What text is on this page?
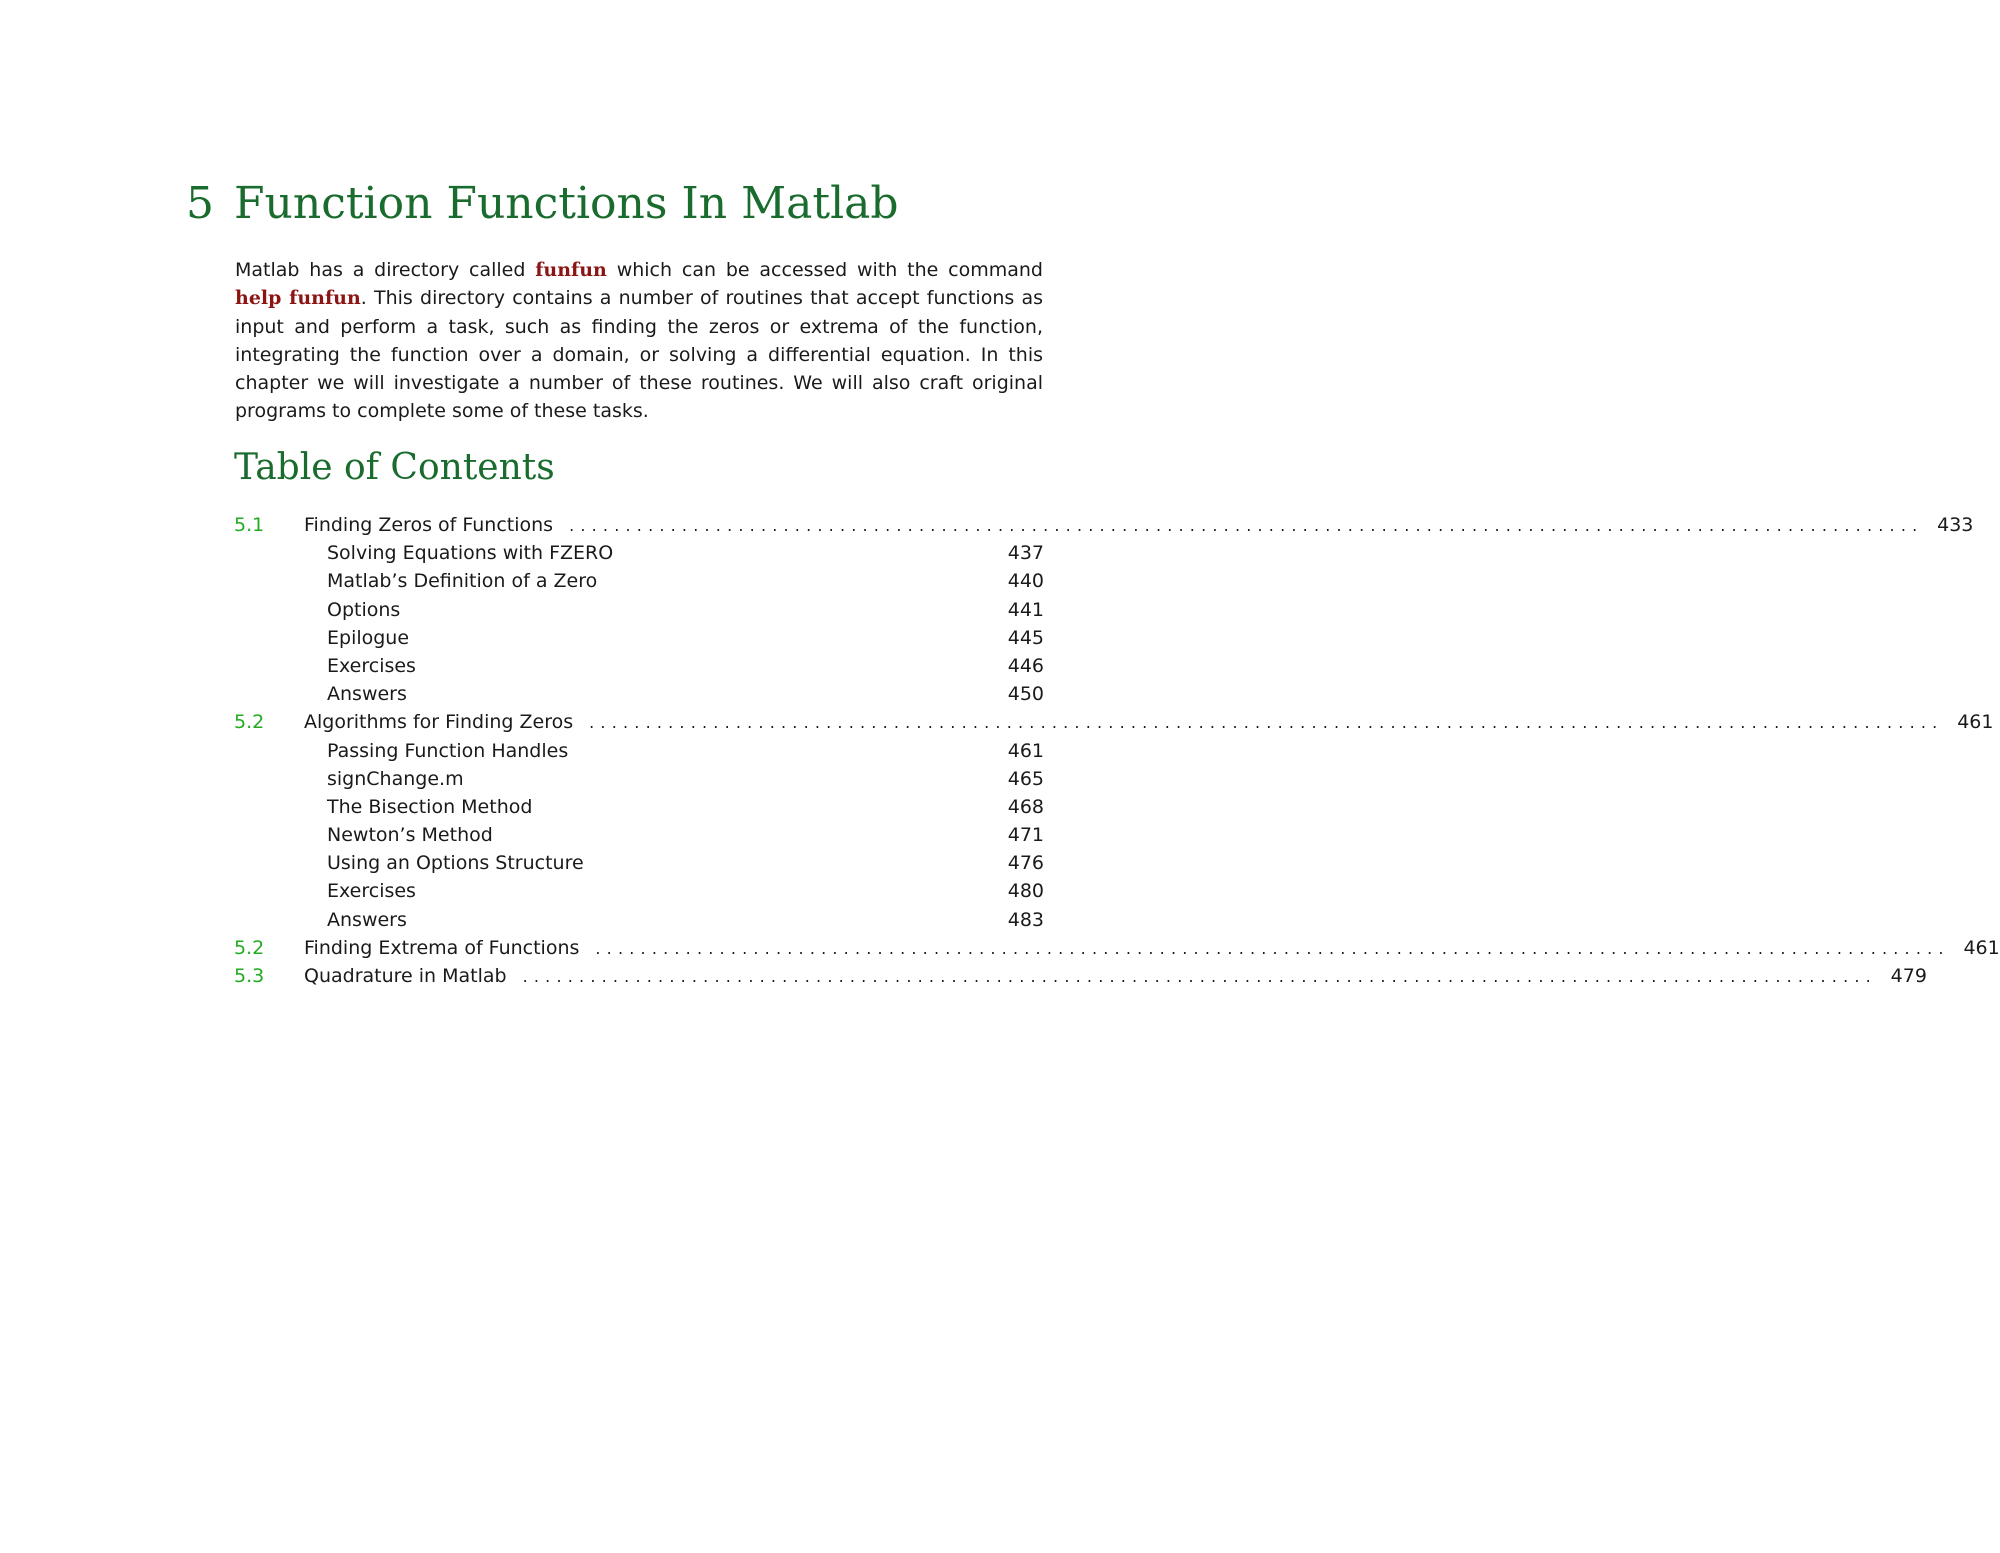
5 Function Functions In Matlab

Matlab has a directory called funfun which can be accessed with the command help funfun. This directory contains a number of routines that accept functions as input and perform a task, such as finding the zeros or extrema of the function, integrating the function over a domain, or solving a differential equation. In this chapter we will investigate a number of these routines. We will also craft original programs to complete some of these tasks.

Table of Contents
5.1	Finding Zeros of Functions ........................................................................................................................ 433
Solving Equations with FZERO	437
Matlab’s Definition of a Zero	440
Options	441
Epilogue	445
Exercises	446
Answers	450
5.2	Algorithms for Finding Zeros ........................................................................................................................ 461
Passing Function Handles	461
signChange.m	465
The Bisection Method	468
Newton’s Method	471
Using an Options Structure	476
Exercises	480
Answers	483
5.2	Finding Extrema of Functions ........................................................................................................................ 461
5.3	Quadrature in Matlab ........................................................................................................................ 479
